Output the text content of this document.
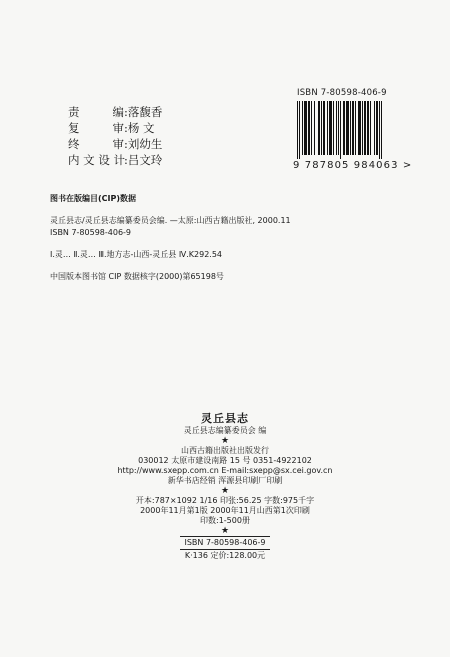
责 编 : 落馥香
复 审 : 杨 文
终 审 : 刘幼生
内文设计 : 吕文玲
ISBN 7-80598-406-9
9 787805 984063 >
图书在版编目(CIP)数据
灵丘县志/灵丘县志编纂委员会编. —太原:山西古籍出版社, 2000.11
ISBN 7-80598-406-9
Ⅰ.灵… Ⅱ.灵… Ⅲ.地方志-山西-灵丘县 Ⅳ.K292.54
中国版本图书馆 CIP 数据核字(2000)第65198号
灵丘县志
灵丘县志编纂委员会 编
★
山西古籍出版社出版发行
030012 太原市建设南路 15 号 0351-4922102
http://www.sxepp.com.cn E-mail:sxepp@sx.cei.gov.cn
新华书店经销 浑源县印刷厂印刷
★
开本:787×1092 1/16 印张:56.25 字数:975千字
2000年11月第1版 2000年11月山西第1次印刷
印数:1-500册
★
ISBN 7-80598-406-9
K·136 定价:128.00元
